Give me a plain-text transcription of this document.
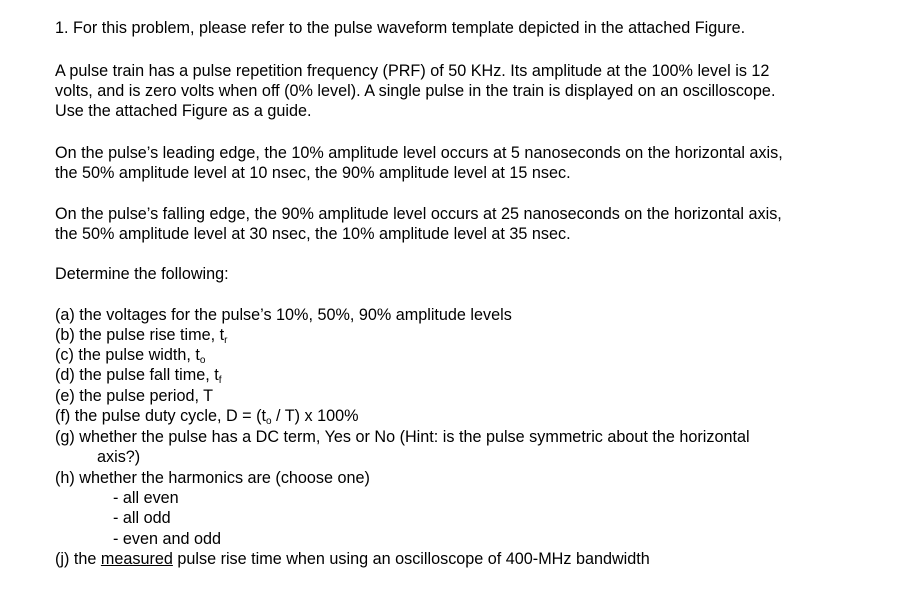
1. For this problem, please refer to the pulse waveform template depicted in the attached Figure.
A pulse train has a pulse repetition frequency (PRF) of 50 KHz. Its amplitude at the 100% level is 12
volts, and is zero volts when off (0% level). A single pulse in the train is displayed on an oscilloscope.
Use the attached Figure as a guide.
On the pulse’s leading edge, the 10% amplitude level occurs at 5 nanoseconds on the horizontal axis,
the 50% amplitude level at 10 nsec, the 90% amplitude level at 15 nsec.
On the pulse’s falling edge, the 90% amplitude level occurs at 25 nanoseconds on the horizontal axis,
the 50% amplitude level at 30 nsec, the 10% amplitude level at 35 nsec.
Determine the following:
(a) the voltages for the pulse’s 10%, 50%, 90% amplitude levels
(b) the pulse rise time, tr
(c) the pulse width, to
(d) the pulse fall time, tf
(e) the pulse period, T
(f) the pulse duty cycle, D = (to / T) x 100%
(g) whether the pulse has a DC term, Yes or No (Hint: is the pulse symmetric about the horizontal
axis?)
(h) whether the harmonics are (choose one)
- all even
- all odd
- even and odd
(j) the measured pulse rise time when using an oscilloscope of 400-MHz bandwidth
